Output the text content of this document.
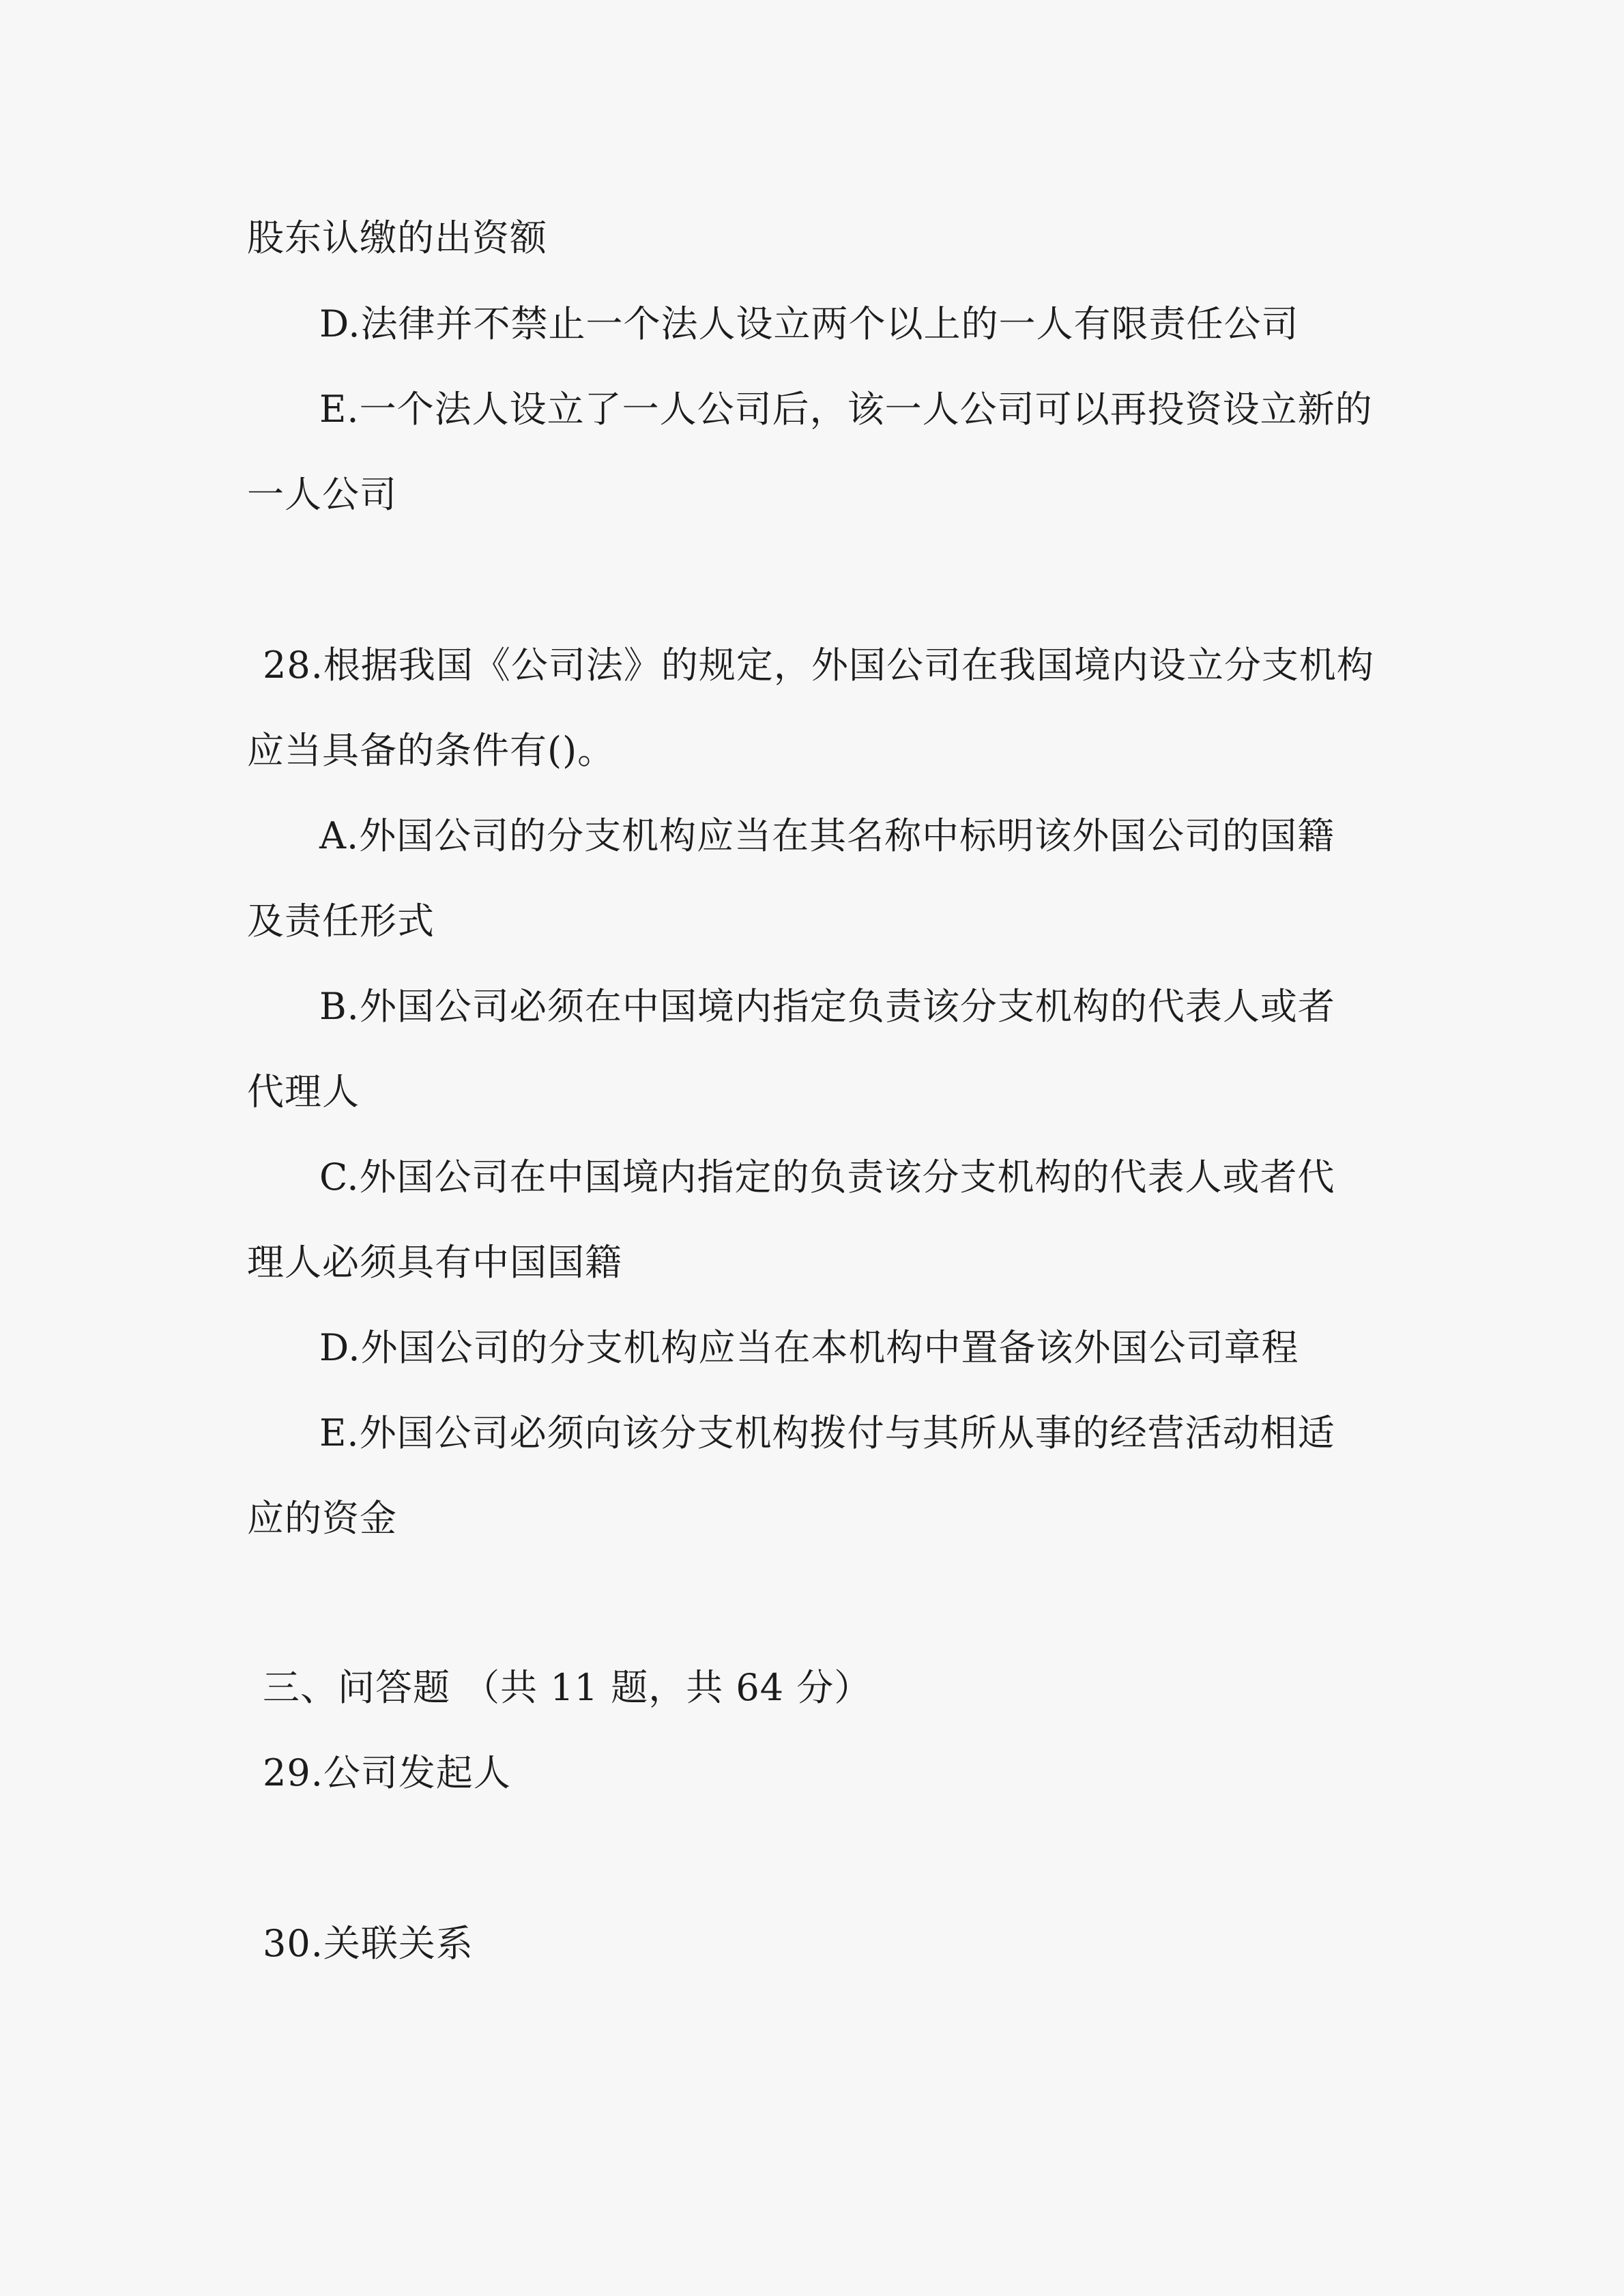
股东认缴的出资额
D.法律并不禁止一个法人设立两个以上的一人有限责任公司
E.一个法人设立了一人公司后，该一人公司可以再投资设立新的
一人公司
28.根据我国《公司法》的规定，外国公司在我国境内设立分支机构
应当具备的条件有()。
A.外国公司的分支机构应当在其名称中标明该外国公司的国籍
及责任形式
B.外国公司必须在中国境内指定负责该分支机构的代表人或者
代理人
C.外国公司在中国境内指定的负责该分支机构的代表人或者代
理人必须具有中国国籍
D.外国公司的分支机构应当在本机构中置备该外国公司章程
E.外国公司必须向该分支机构拨付与其所从事的经营活动相适
应的资金
三、问答题 （共 11 题，共 64 分）
29.公司发起人
30.关联关系
